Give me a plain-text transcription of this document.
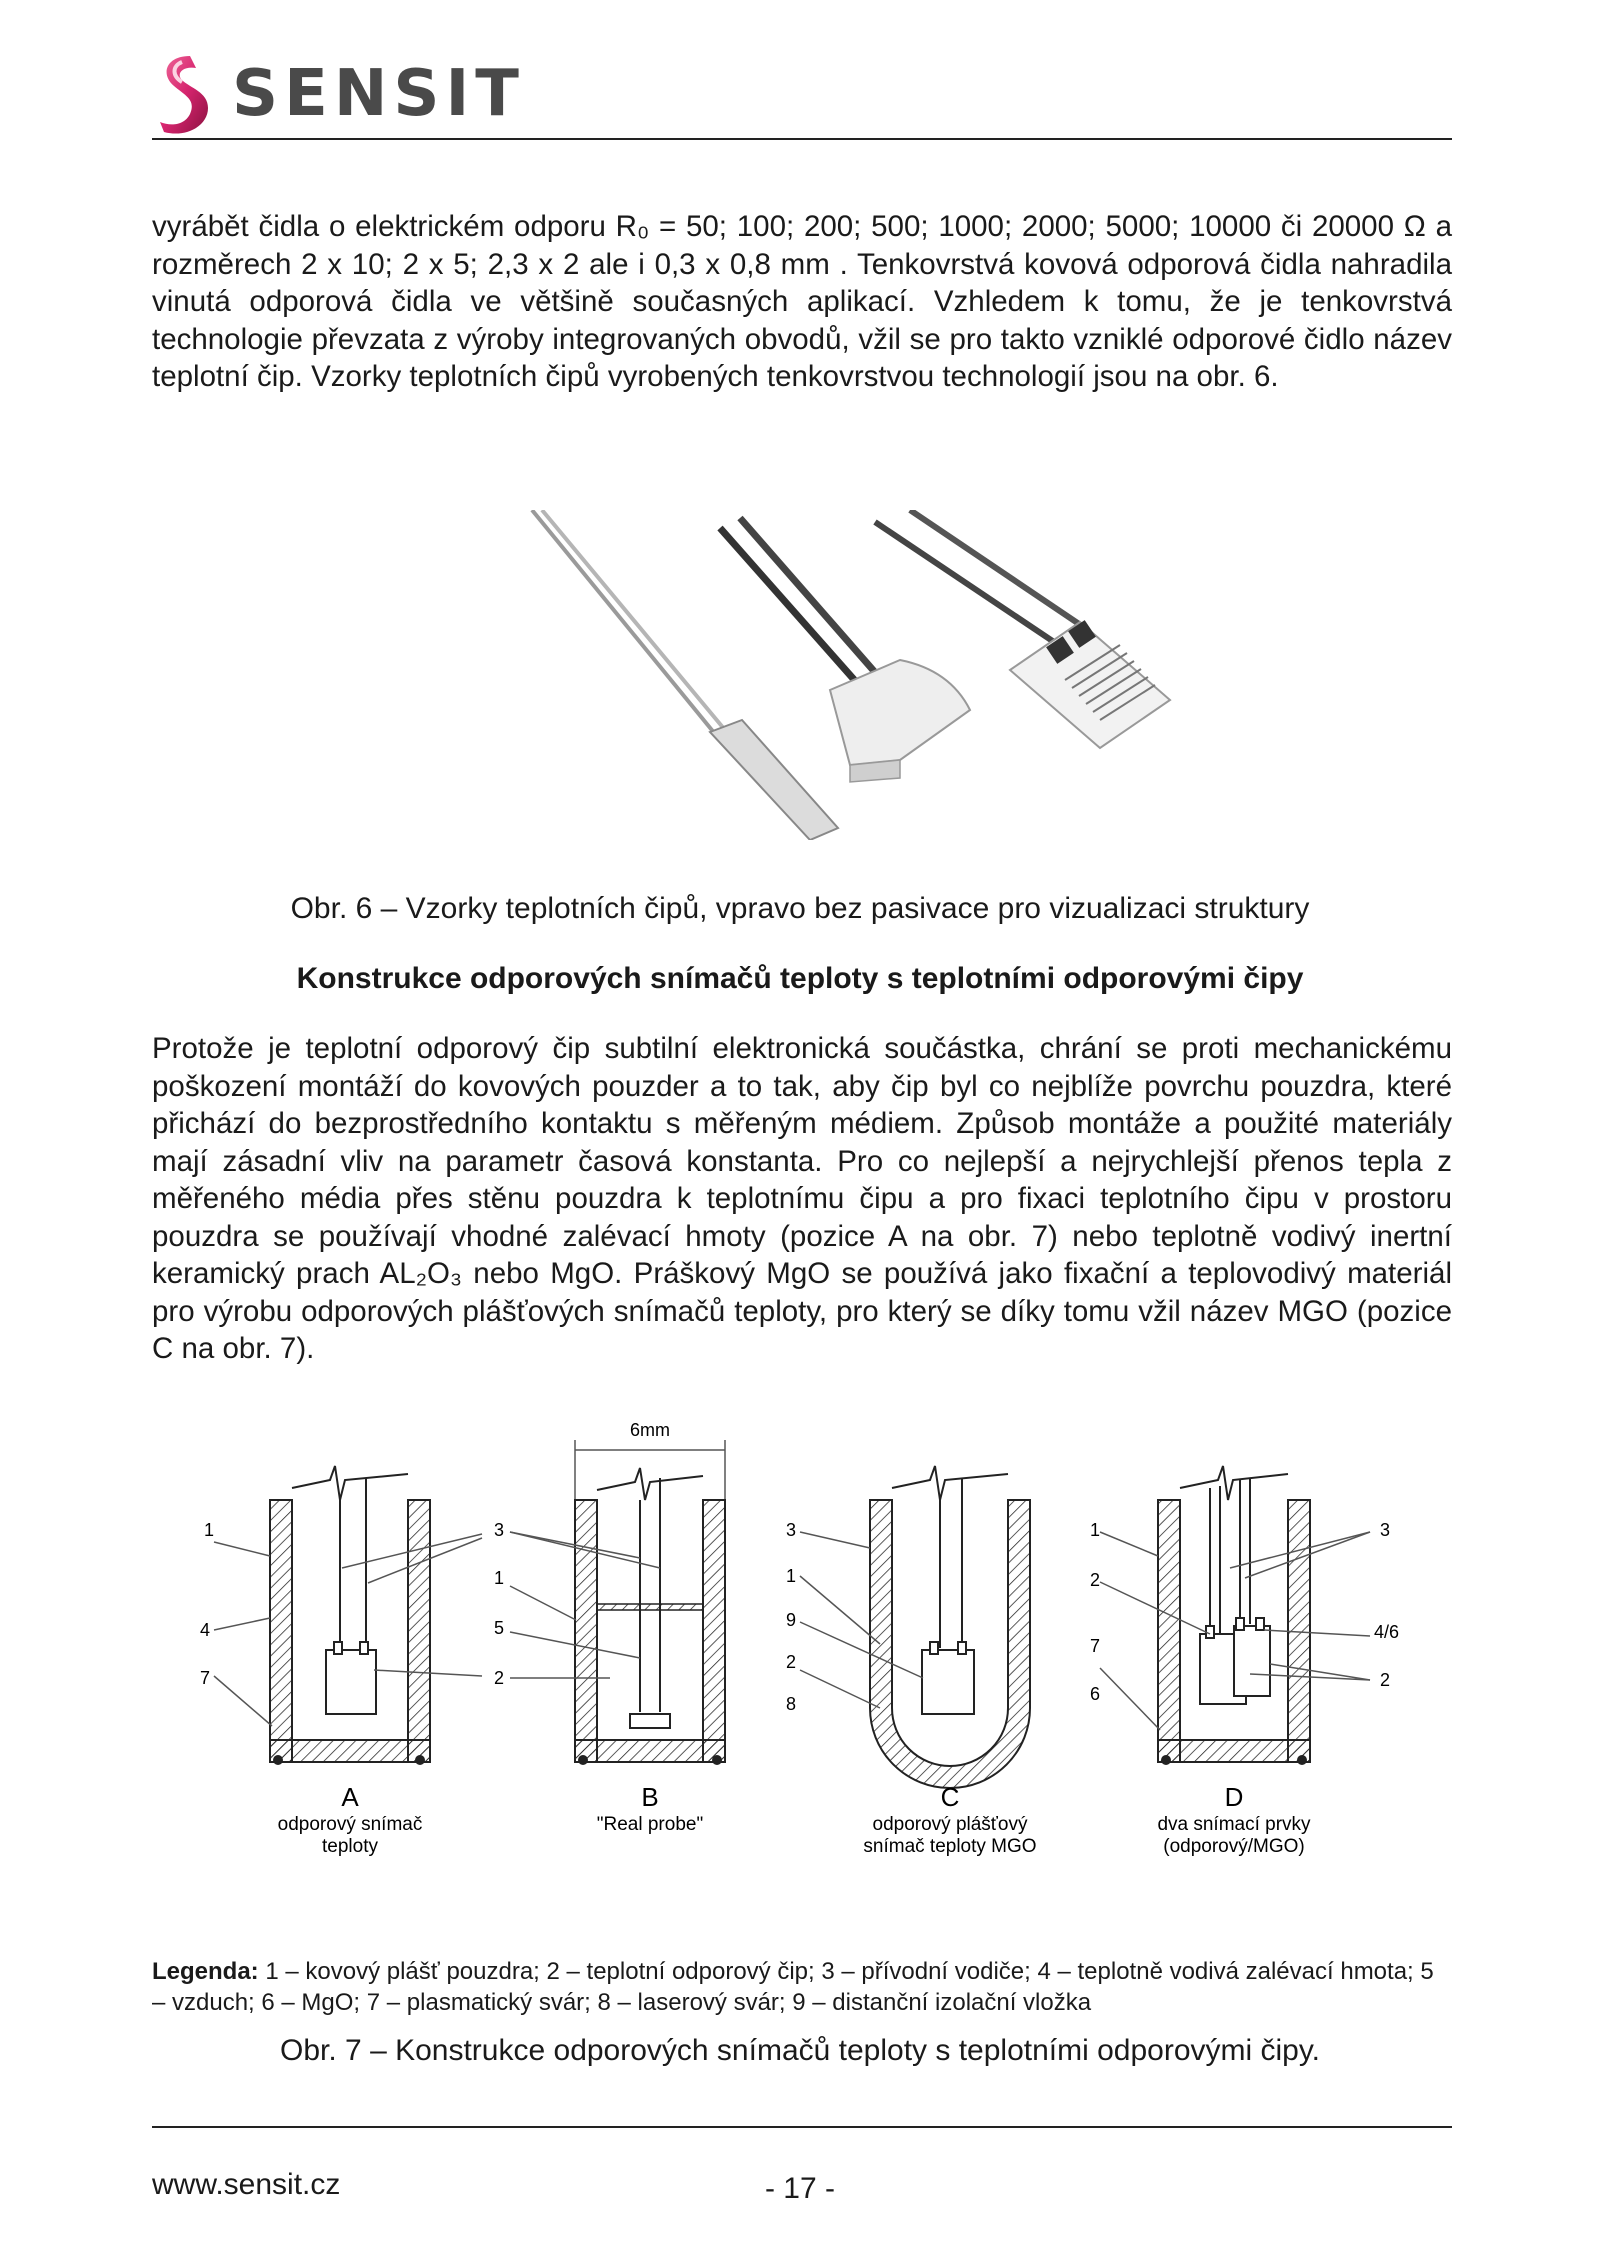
SENSIT

vyrábět čidla o elektrickém odporu R₀ = 50; 100; 200; 500; 1000; 2000; 5000; 10000 či 20000 Ω a rozměrech 2 x 10; 2 x 5; 2,3 x 2 ale i 0,3 x 0,8 mm . Tenkovrstvá kovová odporová čidla nahradila vinutá odporová čidla ve většině současných aplikací. Vzhledem k tomu, že je tenkovrstvá technologie převzata z výroby integrovaných obvodů, vžil se pro takto vzniklé odporové čidlo název teplotní čip. Vzorky teplotních čipů vyrobených tenkovrstvou technologií jsou na obr. 6.

Obr. 6 – Vzorky teplotních čipů, vpravo bez pasivace pro vizualizaci struktury
Konstrukce odporových snímačů teploty s teplotními odporovými čipy

Protože je teplotní odporový čip subtilní elektronická součástka, chrání se proti mechanickému poškození montáží do kovových pouzder a to tak, aby čip byl co nejblíže povrchu pouzdra, které přichází do bezprostředního kontaktu s měřeným médiem. Způsob montáže a použité materiály mají zásadní vliv na parametr časová konstanta. Pro co nejlepší a nejrychlejší přenos tepla z měřeného média přes stěnu pouzdra k teplotnímu čipu a pro fixaci teplotního čipu v prostoru pouzdra se používají vhodné zalévací hmoty (pozice A na obr. 7) nebo teplotně vodivý inertní keramický prach AL₂O₃ nebo MgO. Práškový MgO se používá jako fixační a teplovodivý materiál pro výrobu odporových plášťových snímačů teploty, pro který se díky tomu vžil název MGO (pozice C na obr. 7).

1
4
7
3
1
5
2
A
odporový snímač
teploty
6mm
B
"Real probe"
3
1
9
2
8
C
odporový plášťový
snímač teploty MGO
1
2
7
6
3
4/6
2
D
dva snímací prvky
(odporový/MGO)
Legenda: 1 – kovový plášť pouzdra; 2 – teplotní odporový čip; 3 – přívodní vodiče; 4 – teplotně vodivá zalévací hmota; 5 – vzduch; 6 – MgO; 7 – plasmatický svár; 8 – laserový svár; 9 – distanční izolační vložka
Obr. 7 – Konstrukce odporových snímačů teploty s teplotními odporovými čipy.
www.sensit.cz	- 17 -
